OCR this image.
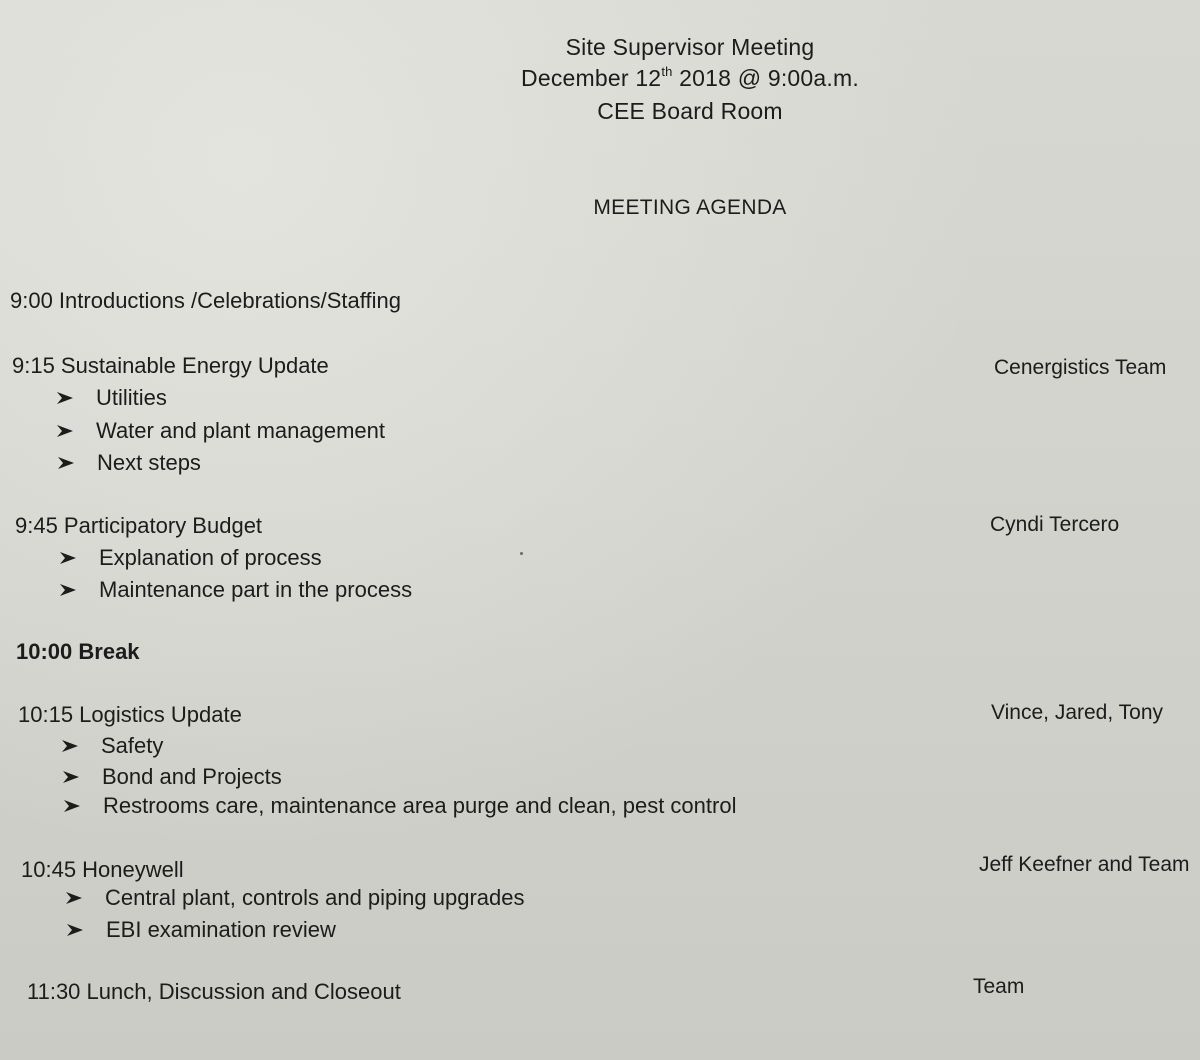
Site Supervisor Meeting
December 12th 2018 @ 9:00a.m.
CEE Board Room
MEETING AGENDA
9:00 Introductions /Celebrations/Staffing
9:15 Sustainable Energy Update	Cenergistics Team
Utilities
Water and plant management
Next steps
9:45 Participatory Budget	Cyndi Tercero
Explanation of process
Maintenance part in the process
10:00 Break
10:15 Logistics Update	Vince, Jared, Tony
Safety
Bond and Projects
Restrooms care, maintenance area purge and clean, pest control
10:45 Honeywell	Jeff Keefner and Team
Central plant, controls and piping upgrades
EBI examination review
11:30 Lunch, Discussion and Closeout	Team
